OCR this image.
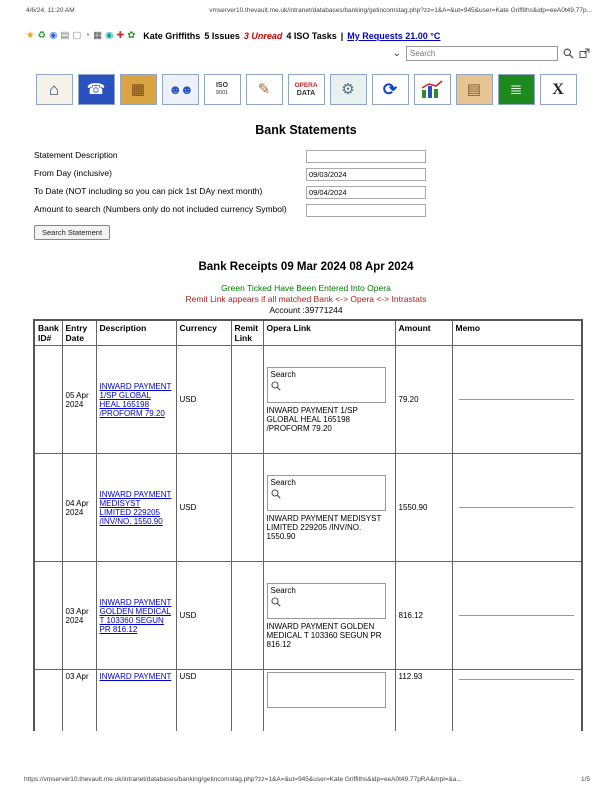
4/6/24, 11:20 AM	vmserver10.thevault.me.uk/intranet/databases/banking/getincomstag.php?zz=1&A=&ut=945&user=Kate Griffiths&idp=eeA0t49.77p...
★ ♻ ◉ ▤ ▢ ◔ ▦ ◉ ✚ ✿ Kate Griffiths 5 Issues 3 Unread 4 ISO Tasks | My Requests 21.00 °C
⌄
Search
⌂ ☎ ▦ ☻☻	ISO
9001 ✎	OPERA
DATA ⚙ ⟳	▤ ≣ X
Bank Statements
Statement Description
From Day (inclusive)
09/03/2024
To Date (NOT including so you can pick 1st DAy next month)
09/04/2024
Amount to search (Numbers only do not included currency Symbol)
Search Statement
Bank Receipts 09 Mar 2024 08 Apr 2024
Green Ticked Have Been Entered Into Opera
Remit Link appears if all matched Bank <-> Opera <-> Intrastats
Account :39771244
Bank ID#	Entry Date	Description	Currency	Remit Link	Opera Link	Amount	Memo
	05 Apr 2024	INWARD PAYMENT 1/SP GLOBAL HEAL 165198 /PROFORM 79.20	USD		Search
INWARD PAYMENT 1/SP GLOBAL HEAL 165198 /PROFORM 79.20	79.20	

	04 Apr 2024	INWARD PAYMENT MEDISYST LIMITED 229205 /INV/NO. 1550.90	USD		Search
INWARD PAYMENT MEDISYST LIMITED 229205 /INV/NO. 1550.90	1550.90	

	03 Apr 2024	INWARD PAYMENT GOLDEN MEDICAL T 103360 SEGUN PR 816.12	USD		Search
INWARD PAYMENT GOLDEN MEDICAL T 103360 SEGUN PR 816.12	816.12	

	03 Apr	INWARD PAYMENT	USD			112.93	
https://vmserver10.thevault.me.uk/intranet/databases/banking/getincomstag.php?zz=1&A=&ut=945&user=Kate Griffiths&idp=eeA0t49.77pRA&mpl=&a...	1/5
